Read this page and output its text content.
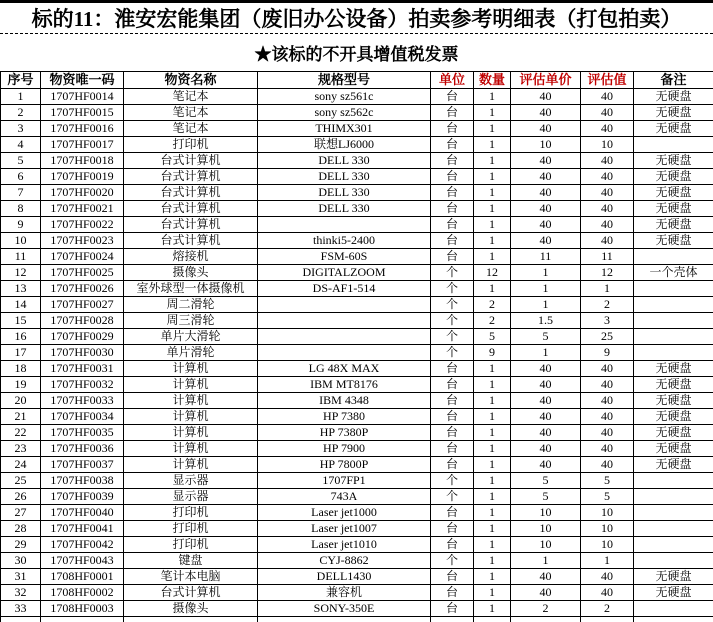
标的11：淮安宏能集团（废旧办公设备）拍卖参考明细表（打包拍卖）
★该标的不开具增值税发票
序号	物资唯一码	物资名称	规格型号	单位	数量	评估单价	评估值	备注
1	1707HF0014	笔记本	sony sz561c	台	1	40	40	无硬盘
2	1707HF0015	笔记本	sony sz562c	台	1	40	40	无硬盘
3	1707HF0016	笔记本	THIMX301	台	1	40	40	无硬盘
4	1707HF0017	打印机	联想LJ6000	台	1	10	10	
5	1707HF0018	台式计算机	DELL 330	台	1	40	40	无硬盘
6	1707HF0019	台式计算机	DELL 330	台	1	40	40	无硬盘
7	1707HF0020	台式计算机	DELL 330	台	1	40	40	无硬盘
8	1707HF0021	台式计算机	DELL 330	台	1	40	40	无硬盘
9	1707HF0022	台式计算机		台	1	40	40	无硬盘
10	1707HF0023	台式计算机	thinki5-2400	台	1	40	40	无硬盘
11	1707HF0024	熔接机	FSM-60S	台	1	11	11	
12	1707HF0025	摄像头	DIGITALZOOM	个	12	1	12	一个壳体
13	1707HF0026	室外球型一体摄像机	DS-AF1-514	个	1	1	1	
14	1707HF0027	周二滑轮		个	2	1	2	
15	1707HF0028	周三滑轮		个	2	1.5	3	
16	1707HF0029	单片大滑轮		个	5	5	25	
17	1707HF0030	单片滑轮		个	9	1	9	
18	1707HF0031	计算机	LG 48X MAX	台	1	40	40	无硬盘
19	1707HF0032	计算机	IBM MT8176	台	1	40	40	无硬盘
20	1707HF0033	计算机	IBM 4348	台	1	40	40	无硬盘
21	1707HF0034	计算机	HP 7380	台	1	40	40	无硬盘
22	1707HF0035	计算机	HP 7380P	台	1	40	40	无硬盘
23	1707HF0036	计算机	HP 7900	台	1	40	40	无硬盘
24	1707HF0037	计算机	HP 7800P	台	1	40	40	无硬盘
25	1707HF0038	显示器	1707FP1	个	1	5	5	
26	1707HF0039	显示器	743A	个	1	5	5	
27	1707HF0040	打印机	Laser jet1000	台	1	10	10	
28	1707HF0041	打印机	Laser jet1007	台	1	10	10	
29	1707HF0042	打印机	Laser jet1010	台	1	10	10	
30	1707HF0043	键盘	CYJ-8862	个	1	1	1	
31	1708HF0001	笔计本电脑	DELL1430	台	1	40	40	无硬盘
32	1708HF0002	台式计算机	兼容机	台	1	40	40	无硬盘
33	1708HF0003	摄像头	SONY-350E	台	1	2	2	
